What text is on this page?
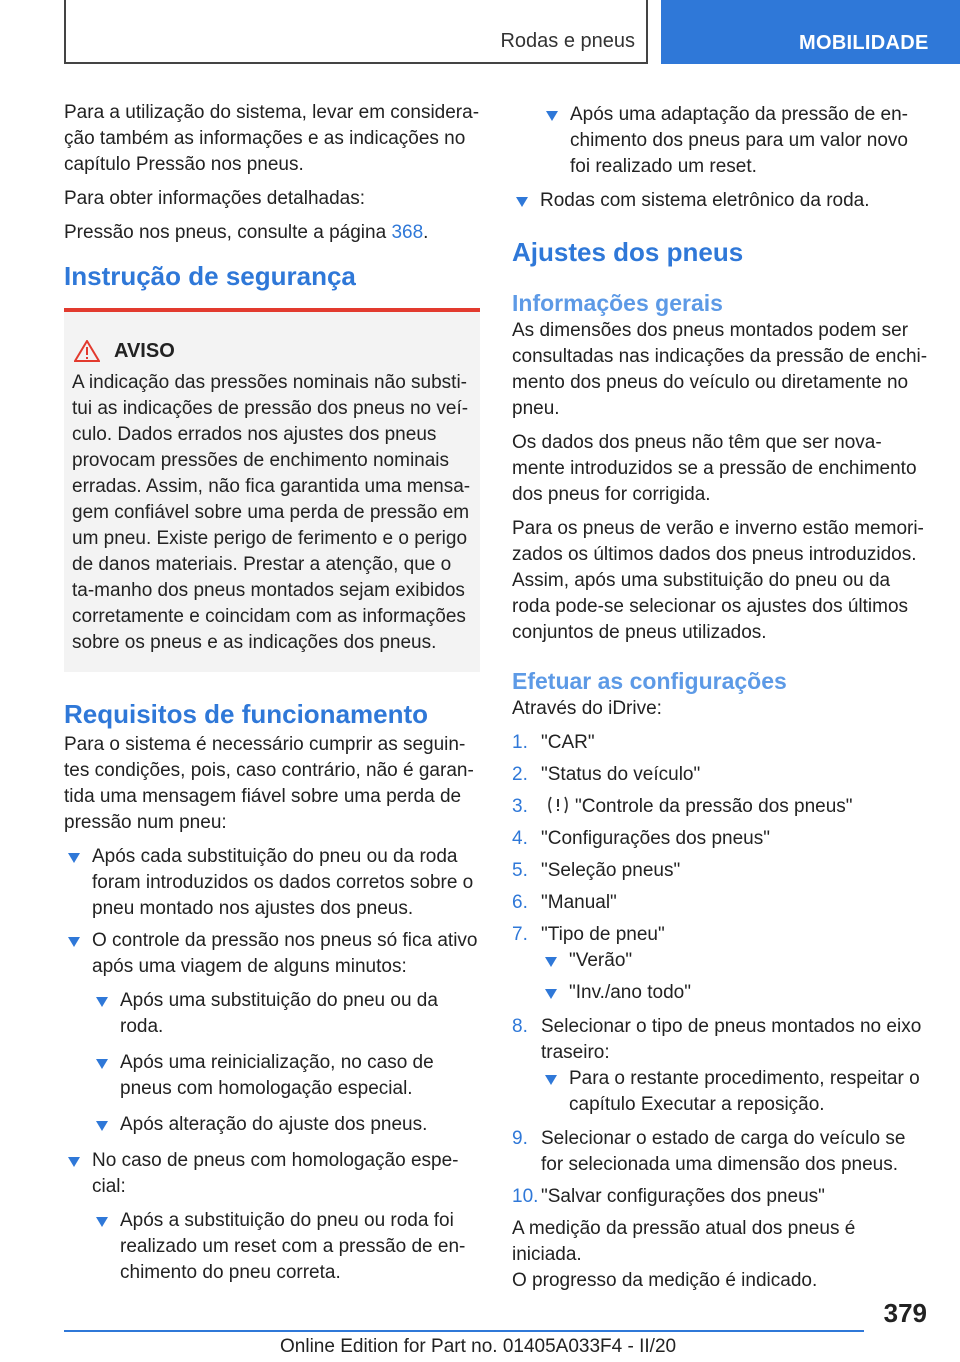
Rodas e pneus	MOBILIDADE

Para a utilização do sistema, levar em considera-ção também as informações e as indicações no capítulo Pressão nos pneus.

Para obter informações detalhadas:

Pressão nos pneus, consulte a página 368.

Instrução de segurança
AVISO

A indicação das pressões nominais não substi-tui as indicações de pressão dos pneus no veí-culo. Dados errados nos ajustes dos pneus provocam pressões de enchimento nominais erradas. Assim, não fica garantida uma mensa-gem confiável sobre uma perda de pressão em um pneu. Existe perigo de ferimento e o perigo de danos materiais. Prestar a atenção, que o ta-manho dos pneus montados sejam exibidos corretamente e coincidam com as informações sobre os pneus e as indicações dos pneus.

Requisitos de funcionamento

Para o sistema é necessário cumprir as seguin-tes condições, pois, caso contrário, não é garan-tida uma mensagem fiável sobre uma perda de pressão num pneu:

Após cada substituição do pneu ou da roda foram introduzidos os dados corretos sobre o pneu montado nos ajustes dos pneus.
O controle da pressão nos pneus só fica ativo após uma viagem de alguns minutos:
Após uma substituição do pneu ou da roda.
Após uma reinicialização, no caso de pneus com homologação especial.
Após alteração do ajuste dos pneus.
No caso de pneus com homologação espe-cial:
Após a substituição do pneu ou roda foi realizado um reset com a pressão de en-chimento do pneu correta.
Após uma adaptação da pressão de en-chimento dos pneus para um valor novo foi realizado um reset.
Rodas com sistema eletrônico da roda.
Ajustes dos pneus
Informações gerais

As dimensões dos pneus montados podem ser consultadas nas indicações da pressão de enchi-mento dos pneus do veículo ou diretamente no pneu.

Os dados dos pneus não têm que ser nova-mente introduzidos se a pressão de enchimento dos pneus for corrigida.

Para os pneus de verão e inverno estão memori-zados os últimos dados dos pneus introduzidos. Assim, após uma substituição do pneu ou da roda pode-se selecionar os ajustes dos últimos conjuntos de pneus utilizados.

Efetuar as configurações

Através do iDrive:

1. "CAR"
2. "Status do veículo"
3. "Controle da pressão dos pneus"
4. "Configurações dos pneus"
5. "Seleção pneus"
6. "Manual"
7. "Tipo de pneu"
"Verão"
"Inv./ano todo"
8. Selecionar o tipo de pneus montados no eixo traseiro:
Para o restante procedimento, respeitar o capítulo Executar a reposição.
9. Selecionar o estado de carga do veículo se for selecionada uma dimensão dos pneus.
10. "Salvar configurações dos pneus"

A medição da pressão atual dos pneus é iniciada.

O progresso da medição é indicado.

379
Online Edition for Part no. 01405A033F4 - II/20
